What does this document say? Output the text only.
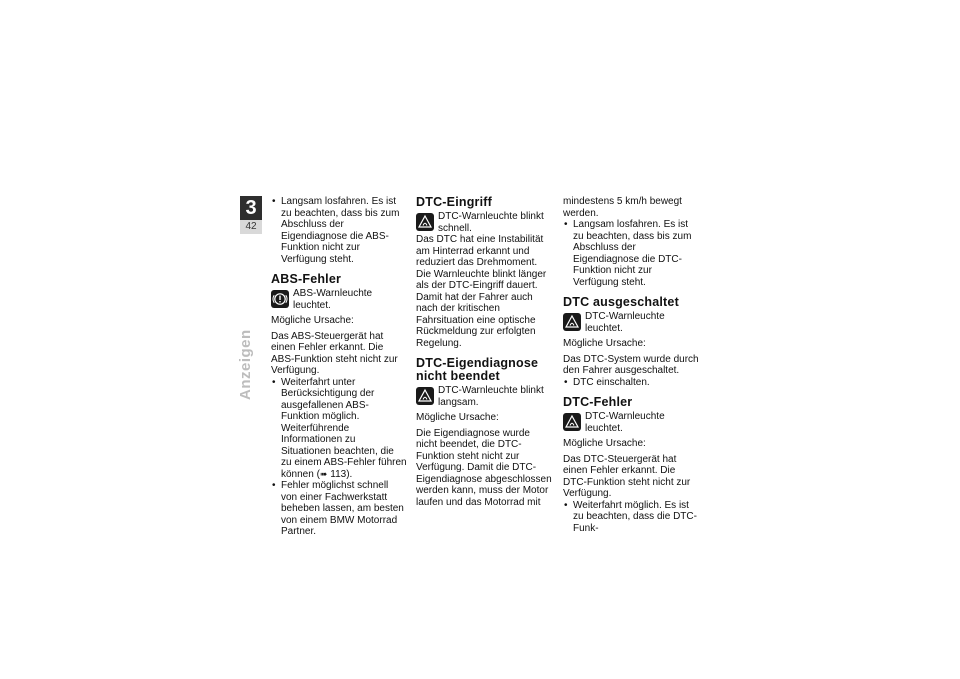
3
42
Anzeigen
• Langsam losfahren. Es ist zu beachten, dass bis zum Abschluss der Eigendiagnose die ABS-Funktion nicht zur Verfügung steht.
ABS-Fehler
ABS-Warnleuchte leuchtet.

Mögliche Ursache:

Das ABS-Steuergerät hat einen Fehler erkannt. Die ABS-Funktion steht nicht zur Verfügung.

• Weiterfahrt unter Berücksichtigung der ausgefallenen ABS-Funktion möglich. Weiterführende Informationen zu Situationen beachten, die zu einem ABS-Fehler führen können (➠ 113).
• Fehler möglichst schnell von einer Fachwerkstatt beheben lassen, am besten von einem BMW Motorrad Partner.
DTC-Eingriff
DTC-Warnleuchte blinkt schnell.

Das DTC hat eine Instabilität am Hinterrad erkannt und reduziert das Drehmoment. Die Warnleuchte blinkt länger als der DTC-Eingriff dauert. Damit hat der Fahrer auch nach der kritischen Fahrsituation eine optische Rückmeldung zur erfolgten Regelung.

DTC-Eigendiagnose nicht beendet
DTC-Warnleuchte blinkt langsam.

Mögliche Ursache:

Die Eigendiagnose wurde nicht beendet, die DTC-Funktion steht nicht zur Verfügung. Damit die DTC-Eigendiagnose abgeschlossen werden kann, muss der Motor laufen und das Motorrad mit

mindestens 5 km/h bewegt werden.

• Langsam losfahren. Es ist zu beachten, dass bis zum Abschluss der Eigendiagnose die DTC-Funktion nicht zur Verfügung steht.
DTC ausgeschaltet
DTC-Warnleuchte leuchtet.

Mögliche Ursache:

Das DTC-System wurde durch den Fahrer ausgeschaltet.

• DTC einschalten.
DTC-Fehler
DTC-Warnleuchte leuchtet.

Mögliche Ursache:

Das DTC-Steuergerät hat einen Fehler erkannt. Die DTC-Funktion steht nicht zur Verfügung.

• Weiterfahrt möglich. Es ist zu beachten, dass die DTC-Funk-
